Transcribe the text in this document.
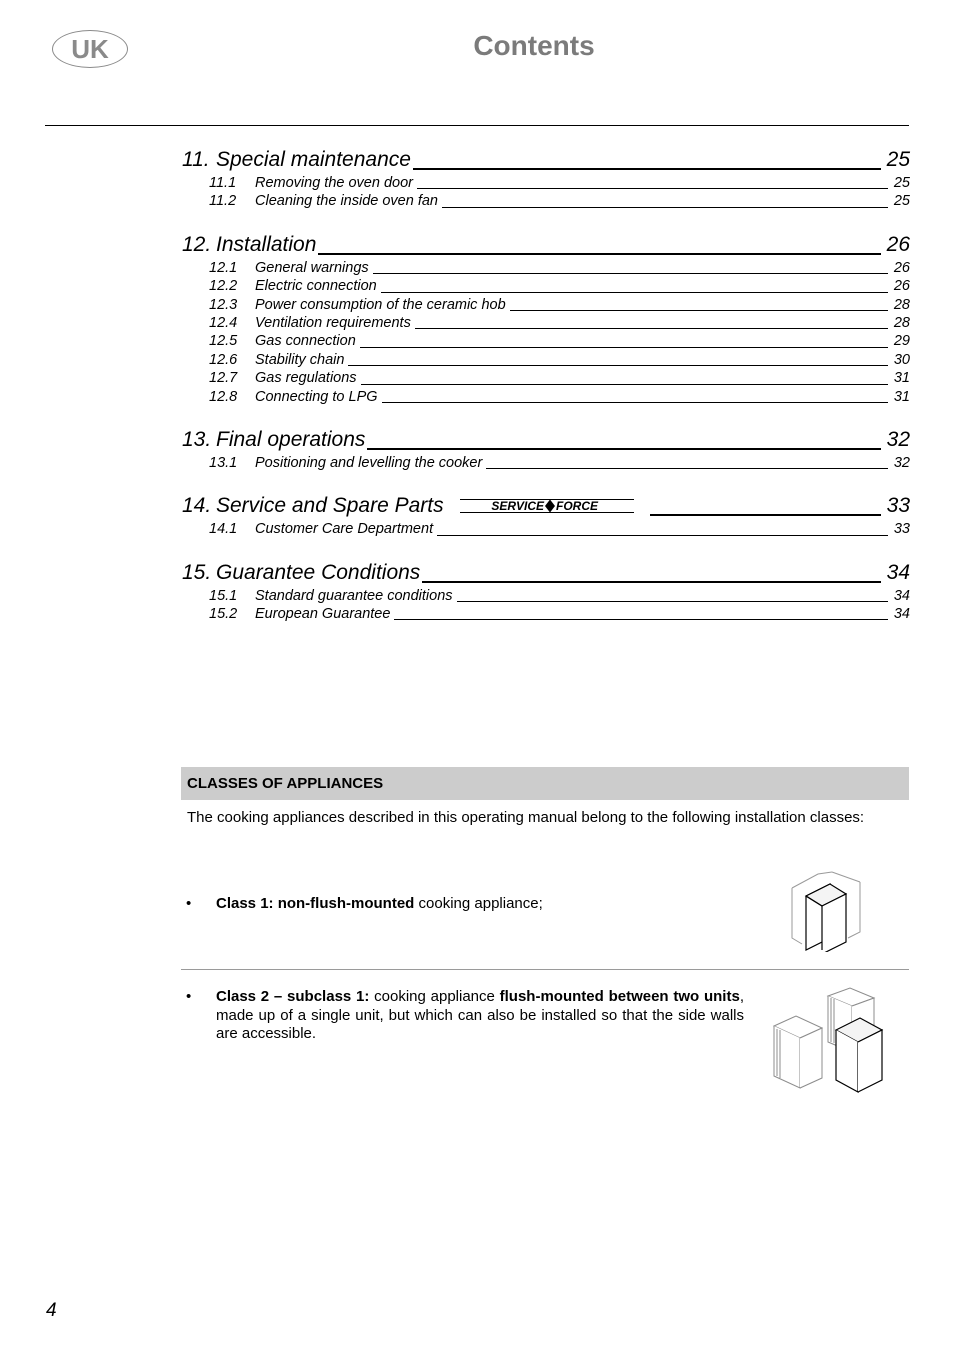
UK	Contents
11. Special maintenance	25
11.1	Removing the oven door	25
11.2	Cleaning the inside oven fan	25
12. Installation	26
12.1	General warnings	26
12.2	Electric connection	26
12.3	Power consumption of the ceramic hob	28
12.4	Ventilation requirements	28
12.5	Gas connection	29
12.6	Stability chain	30
12.7	Gas regulations	31
12.8	Connecting to LPG	31
13. Final operations	32
13.1	Positioning and levelling the cooker	32
14. Service and Spare Parts	SERVICE FORCE	33
14.1	Customer Care Department	33
15. Guarantee Conditions	34
15.1	Standard guarantee conditions	34
15.2	European Guarantee	34
CLASSES OF APPLIANCES
The cooking appliances described in this operating manual belong to the following installation classes:
• Class 1: non-flush-mounted cooking appliance;
• Class 2 – subclass 1: cooking appliance flush-mounted between two units, made up of a single unit, but which can also be installed so that the side walls are accessible.
4
